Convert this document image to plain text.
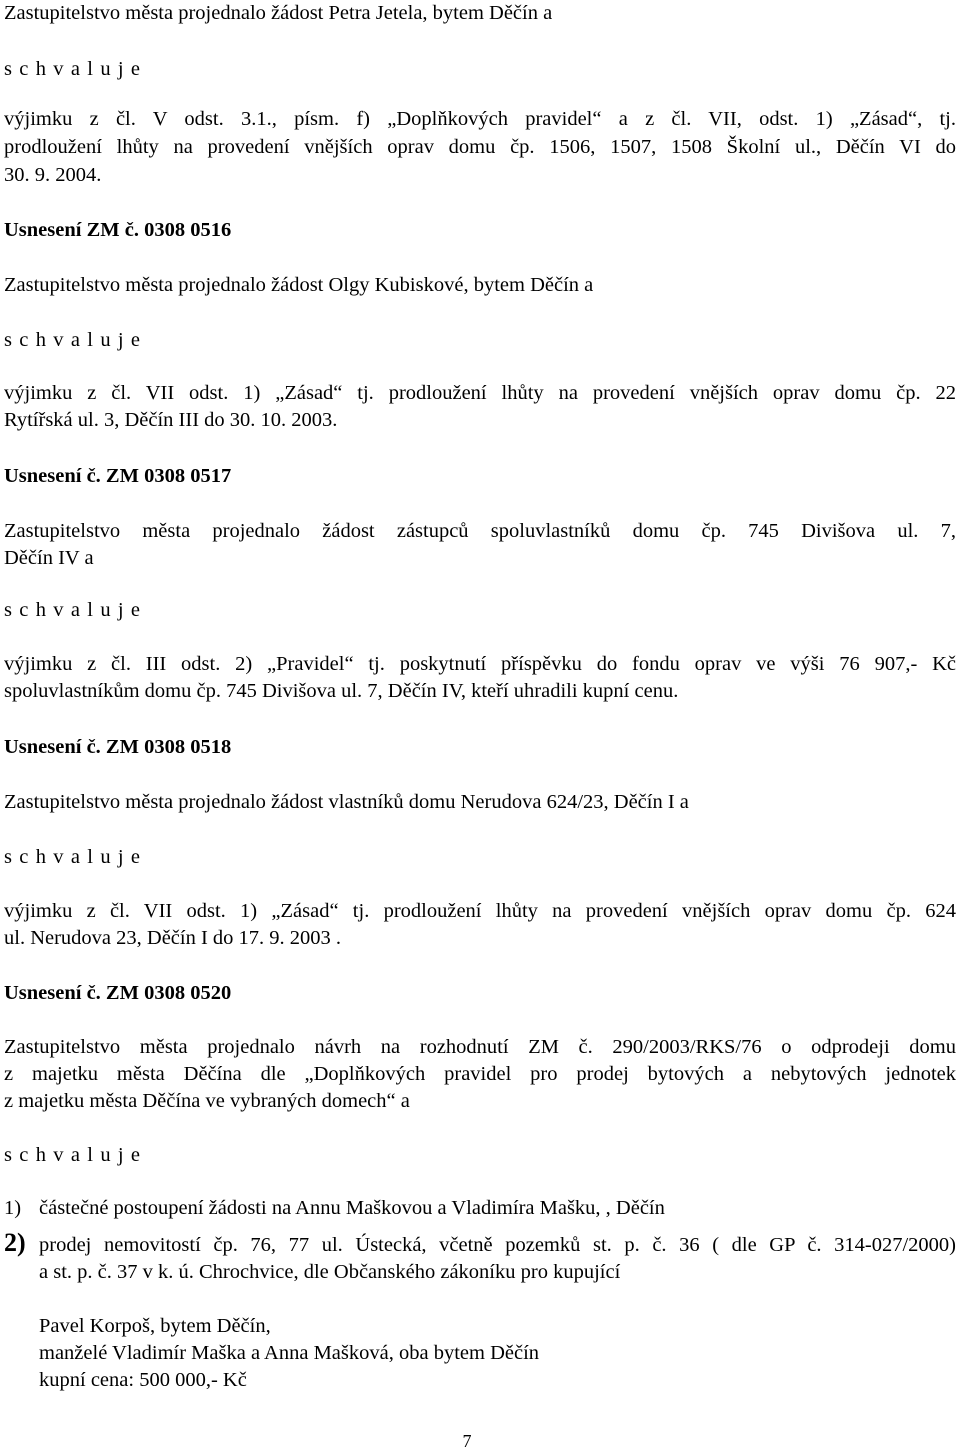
Zastupitelstvo města projednalo žádost Petra Jetela, bytem Děčín a
s c h v a l u j e
výjimku z čl. V odst. 3.1., písm. f) „Doplňkových pravidel“ a z čl. VII, odst. 1) „Zásad“, tj.
prodloužení lhůty na provedení vnějších oprav domu čp. 1506, 1507, 1508 Školní ul., Děčín VI do
30. 9. 2004.
Usnesení ZM č. 0308 0516
Zastupitelstvo města projednalo žádost Olgy Kubiskové, bytem Děčín a
s c h v a l u j e
výjimku z čl. VII odst. 1) „Zásad“ tj. prodloužení lhůty na provedení vnějších oprav domu čp. 22
Rytířská ul. 3, Děčín III do 30. 10. 2003.
Usnesení č. ZM 0308 0517
Zastupitelstvo města projednalo žádost zástupců spoluvlastníků domu čp. 745 Divišova ul. 7,
Děčín IV a
s c h v a l u j e
výjimku z čl. III odst. 2) „Pravidel“ tj. poskytnutí příspěvku do fondu oprav ve výši 76 907,- Kč
spoluvlastníkům domu čp. 745 Divišova ul. 7, Děčín IV, kteří uhradili kupní cenu.
Usnesení č. ZM 0308 0518
Zastupitelstvo města projednalo žádost vlastníků domu Nerudova 624/23, Děčín I a
s c h v a l u j e
výjimku z čl. VII odst. 1) „Zásad“ tj. prodloužení lhůty na provedení vnějších oprav domu čp. 624
ul. Nerudova 23, Děčín I do 17. 9. 2003 .
Usnesení č. ZM 0308 0520
Zastupitelstvo města projednalo návrh na rozhodnutí ZM č. 290/2003/RKS/76 o odprodeji domu
z majetku města Děčína dle „Doplňkových pravidel pro prodej bytových a nebytových jednotek
z majetku města Děčína ve vybraných domech“ a
s c h v a l u j e
1) částečné postoupení žádosti na Annu Maškovou a Vladimíra Mašku, , Děčín
2) prodej nemovitostí čp. 76, 77 ul. Ústecká, včetně pozemků st. p. č. 36 ( dle GP č. 314-027/2000)
a st. p. č. 37 v k. ú. Chrochvice, dle Občanského zákoníku pro kupující
Pavel Korpoš, bytem Děčín,
manželé Vladimír Maška a Anna Mašková, oba bytem Děčín
kupní cena: 500 000,- Kč
7
